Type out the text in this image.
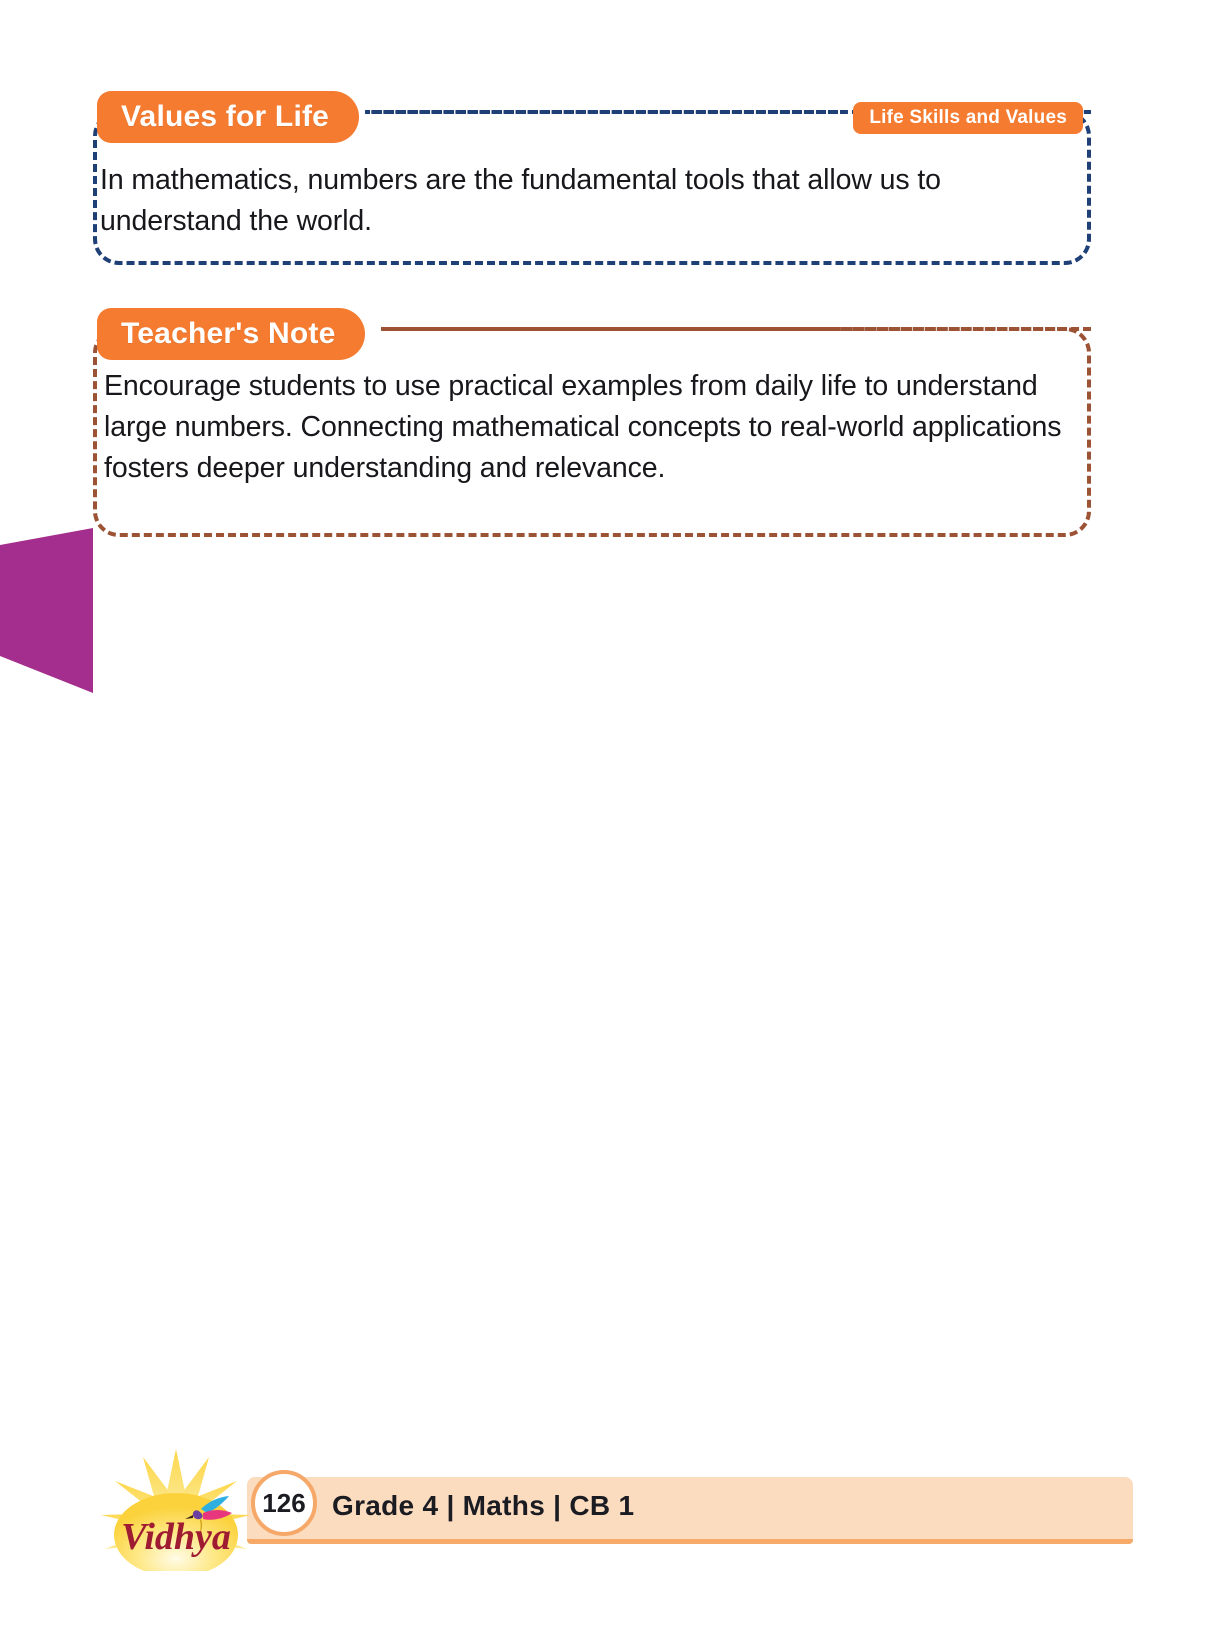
Values for Life	Life Skills and Values
In mathematics, numbers are the fundamental tools that allow us to understand the world.
Teacher's Note
Encourage students to use practical examples from daily life to understand large numbers. Connecting mathematical concepts to real-world applications fosters deeper understanding and relevance.
Vidhya
126 Grade 4 | Maths | CB 1
